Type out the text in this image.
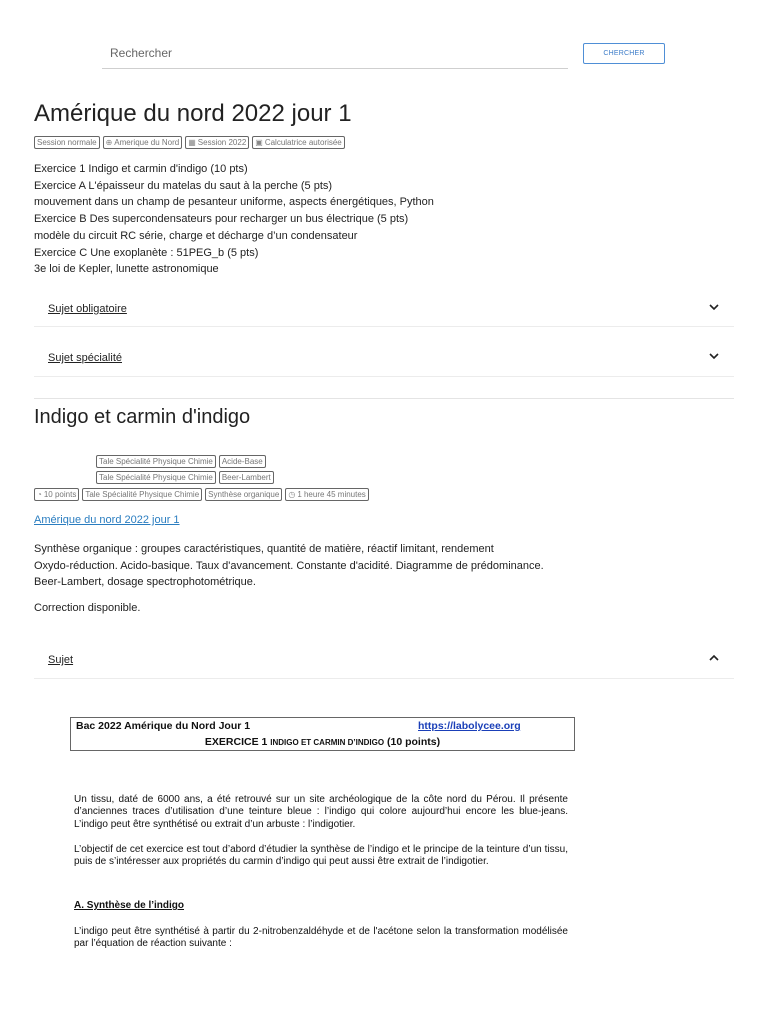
Rechercher
CHERCHER
Amérique du nord 2022 jour 1
Session normale ⊕ Amerique du Nord ▦ Session 2022 ▣ Calculatrice autorisée
Exercice 1 Indigo et carmin d'indigo (10 pts)
Exercice A L'épaisseur du matelas du saut à la perche (5 pts)
mouvement dans un champ de pesanteur uniforme, aspects énergétiques, Python
Exercice B Des supercondensateurs pour recharger un bus électrique (5 pts)
modèle du circuit RC série, charge et décharge d’un condensateur
Exercice C Une exoplanète : 51PEG_b (5 pts)
3e loi de Kepler, lunette astronomique
Sujet obligatoire
Sujet spécialité
Indigo et carmin d'indigo
Tale Spécialité Physique Chimie	Acide-Base
Tale Spécialité Physique Chimie	Beer-Lambert
◔ 10 points Tale Spécialité Physique Chimie Synthèse organique ◷ 1 heure 45 minutes
Amérique du nord 2022 jour 1
Synthèse organique : groupes caractéristiques, quantité de matière, réactif limitant, rendement
Oxydo-réduction. Acido-basique. Taux d'avancement. Constante d'acidité. Diagramme de prédominance.
Beer-Lambert, dosage spectrophotométrique.
Correction disponible.
Sujet
Bac 2022 Amérique du Nord Jour 1	https://labolycee.org
EXERCICE 1 INDIGO ET CARMIN D’INDIGO (10 points)
Un tissu, daté de 6000 ans, a été retrouvé sur un site archéologique de la côte nord du Pérou. Il présente d’anciennes traces d’utilisation d’une teinture bleue : l’indigo qui colore aujourd’hui encore les blue-jeans. L’indigo peut être synthétisé ou extrait d’un arbuste : l’indigotier.
L’objectif de cet exercice est tout d’abord d’étudier la synthèse de l’indigo et le principe de la teinture d’un tissu, puis de s’intéresser aux propriétés du carmin d’indigo qui peut aussi être extrait de l’indigotier.
A. Synthèse de l’indigo
L’indigo peut être synthétisé à partir du 2-nitrobenzaldéhyde et de l'acétone selon la transformation modélisée par l’équation de réaction suivante :
